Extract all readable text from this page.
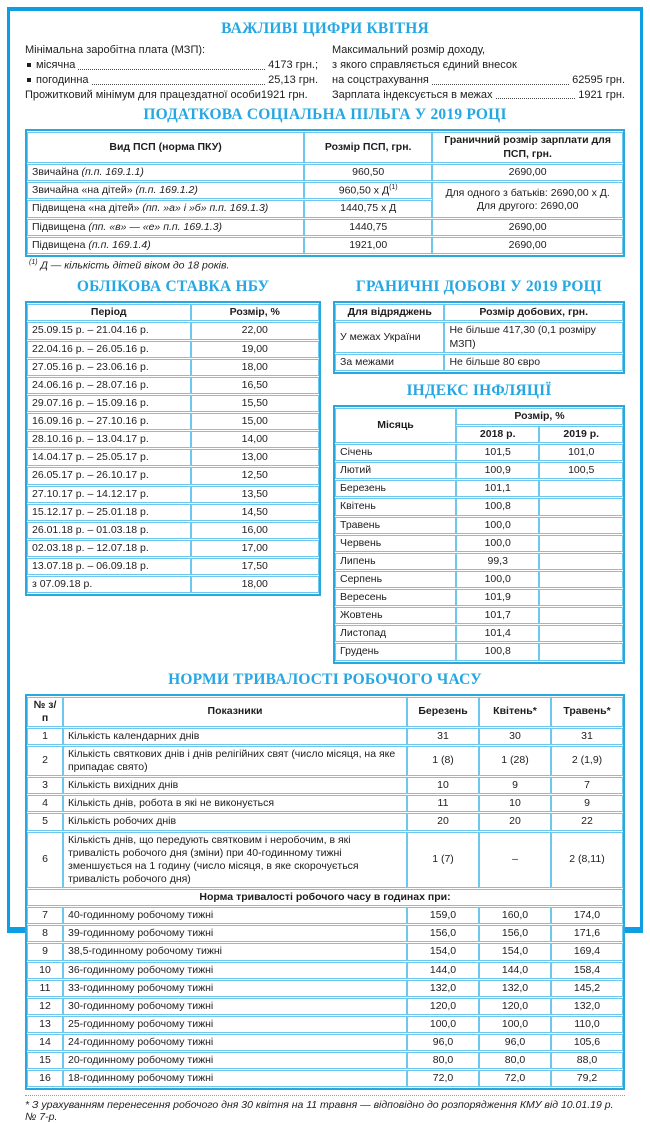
ВАЖЛИВІ ЦИФРИ КВІТНЯ
Мінімальна заробітна плата (МЗП):
місячна	4173 грн.;
погодинна	25,13 грн.
Прожитковий мінімум для працездатної особи 1921 грн.
Максимальний розмір доходу,
з якого справляється єдиний внесок
на соцстрахування	62595 грн.
Зарплата індексується в межах	1921 грн.
ПОДАТКОВА СОЦІАЛЬНА ПІЛЬГА У 2019 РОЦІ
Вид ПСП (норма ПКУ)	Розмір ПСП, грн.	Граничний розмір зарплати для ПСП, грн.
Звичайна (п.п. 169.1.1)	960,50	2690,00
Звичайна «на дітей» (п.п. 169.1.2)	960,50 х $Д^{(1)}$	Для одного з батьків: 2690,00 х Д.
Для другого: 2690,00

Підвищена «на дітей» (пп. »а» і »б» п.п. 169.1.3)	1440,75 х Д	
Підвищена (пп. «в» — «е» п.п. 169.1.3)	1440,75	2690,00
Підвищена (п.п. 169.1.4)	1921,00	2690,00
$^{(1)}$ Д — кількість дітей віком до 18 років.
ОБЛІКОВА СТАВКА НБУ
Період	Розмір, %
25.09.15 р. – 21.04.16 р.	22,00
22.04.16 р. – 26.05.16 р.	19,00
27.05.16 р. – 23.06.16 р.	18,00
24.06.16 р. – 28.07.16 р.	16,50
29.07.16 р. – 15.09.16 р.	15,50
16.09.16 р. – 27.10.16 р.	15,00
28.10.16 р. – 13.04.17 р.	14,00
14.04.17 р. – 25.05.17 р.	13,00
26.05.17 р. – 26.10.17 р.	12,50
27.10.17 р. – 14.12.17 р.	13,50
15.12.17 р. – 25.01.18 р.	14,50
26.01.18 р. – 01.03.18 р.	16,00
02.03.18 р. – 12.07.18 р.	17,00
13.07.18 р. – 06.09.18 р.	17,50
з 07.09.18 р.	18,00
ГРАНИЧНІ ДОБОВІ У 2019 РОЦІ
Для відряджень	Розмір добових, грн.
У межах України	Не більше 417,30 (0,1 розміру МЗП)
За межами	Не більше 80 євро
ІНДЕКС ІНФЛЯЦІЇ
Місяць	Розмір, %	
	2018 р.	2019 р.
Січень	101,5	101,0
Лютий	100,9	100,5
Березень	101,1	
Квітень	100,8	
Травень	100,0	
Червень	100,0	
Липень	99,3	
Серпень	100,0	
Вересень	101,9	
Жовтень	101,7	
Листопад	101,4	
Грудень	100,8	
НОРМИ ТРИВАЛОСТІ РОБОЧОГО ЧАСУ
№ з/п	Показники	Березень	Квітень*	Травень*
1	Кількість календарних днів	31	30	31
2	Кількість святкових днів і днів релігійних свят (число місяця, на яке припадає свято)	1 (8)	1 (28)	2 (1,9)
3	Кількість вихідних днів	10	9	7
4	Кількість днів, робота в які не виконується	11	10	9
5	Кількість робочих днів	20	20	22
6	Кількість днів, що передують святковим і неробочим, в які тривалість робочого дня (зміни) при 40-годинному тижні зменшується на 1 годину (число місяця, в яке скорочується тривалість робочого дня)	1 (7)	–	2 (8,11)
Норма тривалості робочого часу в годинах при:				
7	40-годинному робочому тижні	159,0	160,0	174,0
8	39-годинному робочому тижні	156,0	156,0	171,6
9	38,5-годинному робочому тижні	154,0	154,0	169,4
10	36-годинному робочому тижні	144,0	144,0	158,4
11	33-годинному робочому тижні	132,0	132,0	145,2
12	30-годинному робочому тижні	120,0	120,0	132,0
13	25-годинному робочому тижні	100,0	100,0	110,0
14	24-годинному робочому тижні	96,0	96,0	105,6
15	20-годинному робочому тижні	80,0	80,0	88,0
16	18-годинному робочому тижні	72,0	72,0	79,2
* З урахуванням перенесення робочого дня 30 квітня на 11 травня — відповідно до розпорядження КМУ від 10.01.19 р. № 7-р.
